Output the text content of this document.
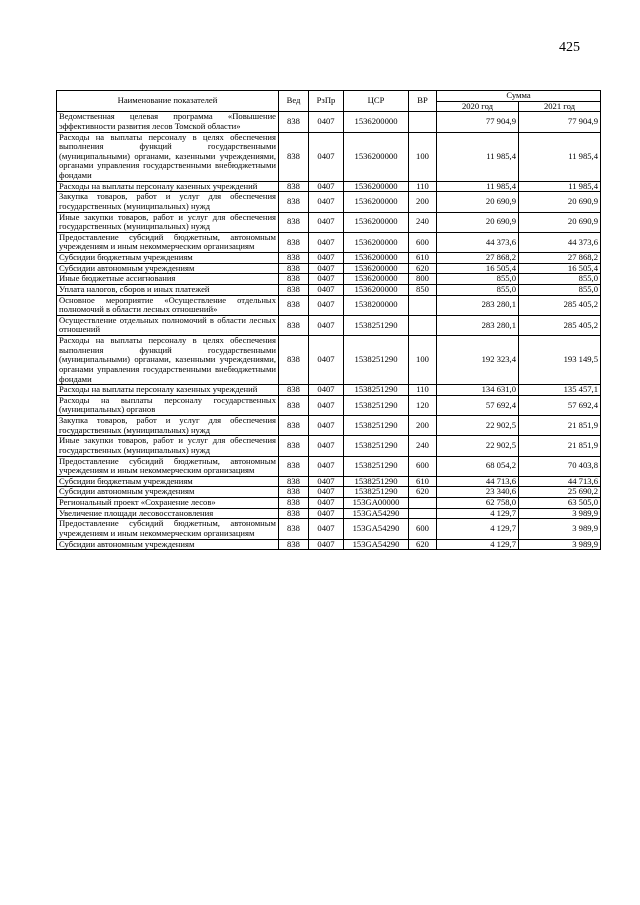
425
Наименование показателей	Вед	РзПр	ЦСР	ВР	Сумма	
					2020 год	2021 год
Ведомственная целевая программа «Повышение эффективности развития лесов Томской области»	838	0407	1536200000		77 904,9	77 904,9
Расходы на выплаты персоналу в целях обеспечения выполнения функций государственными (муниципальными) органами, казенными учреждениями, органами управления государственными внебюджетными фондами	838	0407	1536200000	100	11 985,4	11 985,4
Расходы на выплаты персоналу казенных учреждений	838	0407	1536200000	110	11 985,4	11 985,4
Закупка товаров, работ и услуг для обеспечения государственных (муниципальных) нужд	838	0407	1536200000	200	20 690,9	20 690,9
Иные закупки товаров, работ и услуг для обеспечения государственных (муниципальных) нужд	838	0407	1536200000	240	20 690,9	20 690,9
Предоставление субсидий бюджетным, автономным учреждениям и иным некоммерческим организациям	838	0407	1536200000	600	44 373,6	44 373,6
Субсидии бюджетным учреждениям	838	0407	1536200000	610	27 868,2	27 868,2
Субсидии автономным учреждениям	838	0407	1536200000	620	16 505,4	16 505,4
Иные бюджетные ассигнования	838	0407	1536200000	800	855,0	855,0
Уплата налогов, сборов и иных платежей	838	0407	1536200000	850	855,0	855,0
Основное мероприятие «Осуществление отдельных полномочий в области лесных отношений»	838	0407	1538200000		283 280,1	285 405,2
Осуществление отдельных полномочий в области лесных отношений	838	0407	1538251290		283 280,1	285 405,2
Расходы на выплаты персоналу в целях обеспечения выполнения функций государственными (муниципальными) органами, казенными учреждениями, органами управления государственными внебюджетными фондами	838	0407	1538251290	100	192 323,4	193 149,5
Расходы на выплаты персоналу казенных учреждений	838	0407	1538251290	110	134 631,0	135 457,1
Расходы на выплаты персоналу государственных (муниципальных) органов	838	0407	1538251290	120	57 692,4	57 692,4
Закупка товаров, работ и услуг для обеспечения государственных (муниципальных) нужд	838	0407	1538251290	200	22 902,5	21 851,9
Иные закупки товаров, работ и услуг для обеспечения государственных (муниципальных) нужд	838	0407	1538251290	240	22 902,5	21 851,9
Предоставление субсидий бюджетным, автономным учреждениям и иным некоммерческим организациям	838	0407	1538251290	600	68 054,2	70 403,8
Субсидии бюджетным учреждениям	838	0407	1538251290	610	44 713,6	44 713,6
Субсидии автономным учреждениям	838	0407	1538251290	620	23 340,6	25 690,2
Региональный проект «Сохранение лесов»	838	0407	153GA00000		62 758,0	63 505,0
Увеличение площади лесовосстановления	838	0407	153GA54290		4 129,7	3 989,9
Предоставление субсидий бюджетным, автономным учреждениям и иным некоммерческим организациям	838	0407	153GA54290	600	4 129,7	3 989,9
Субсидии автономным учреждениям	838	0407	153GA54290	620	4 129,7	3 989,9
